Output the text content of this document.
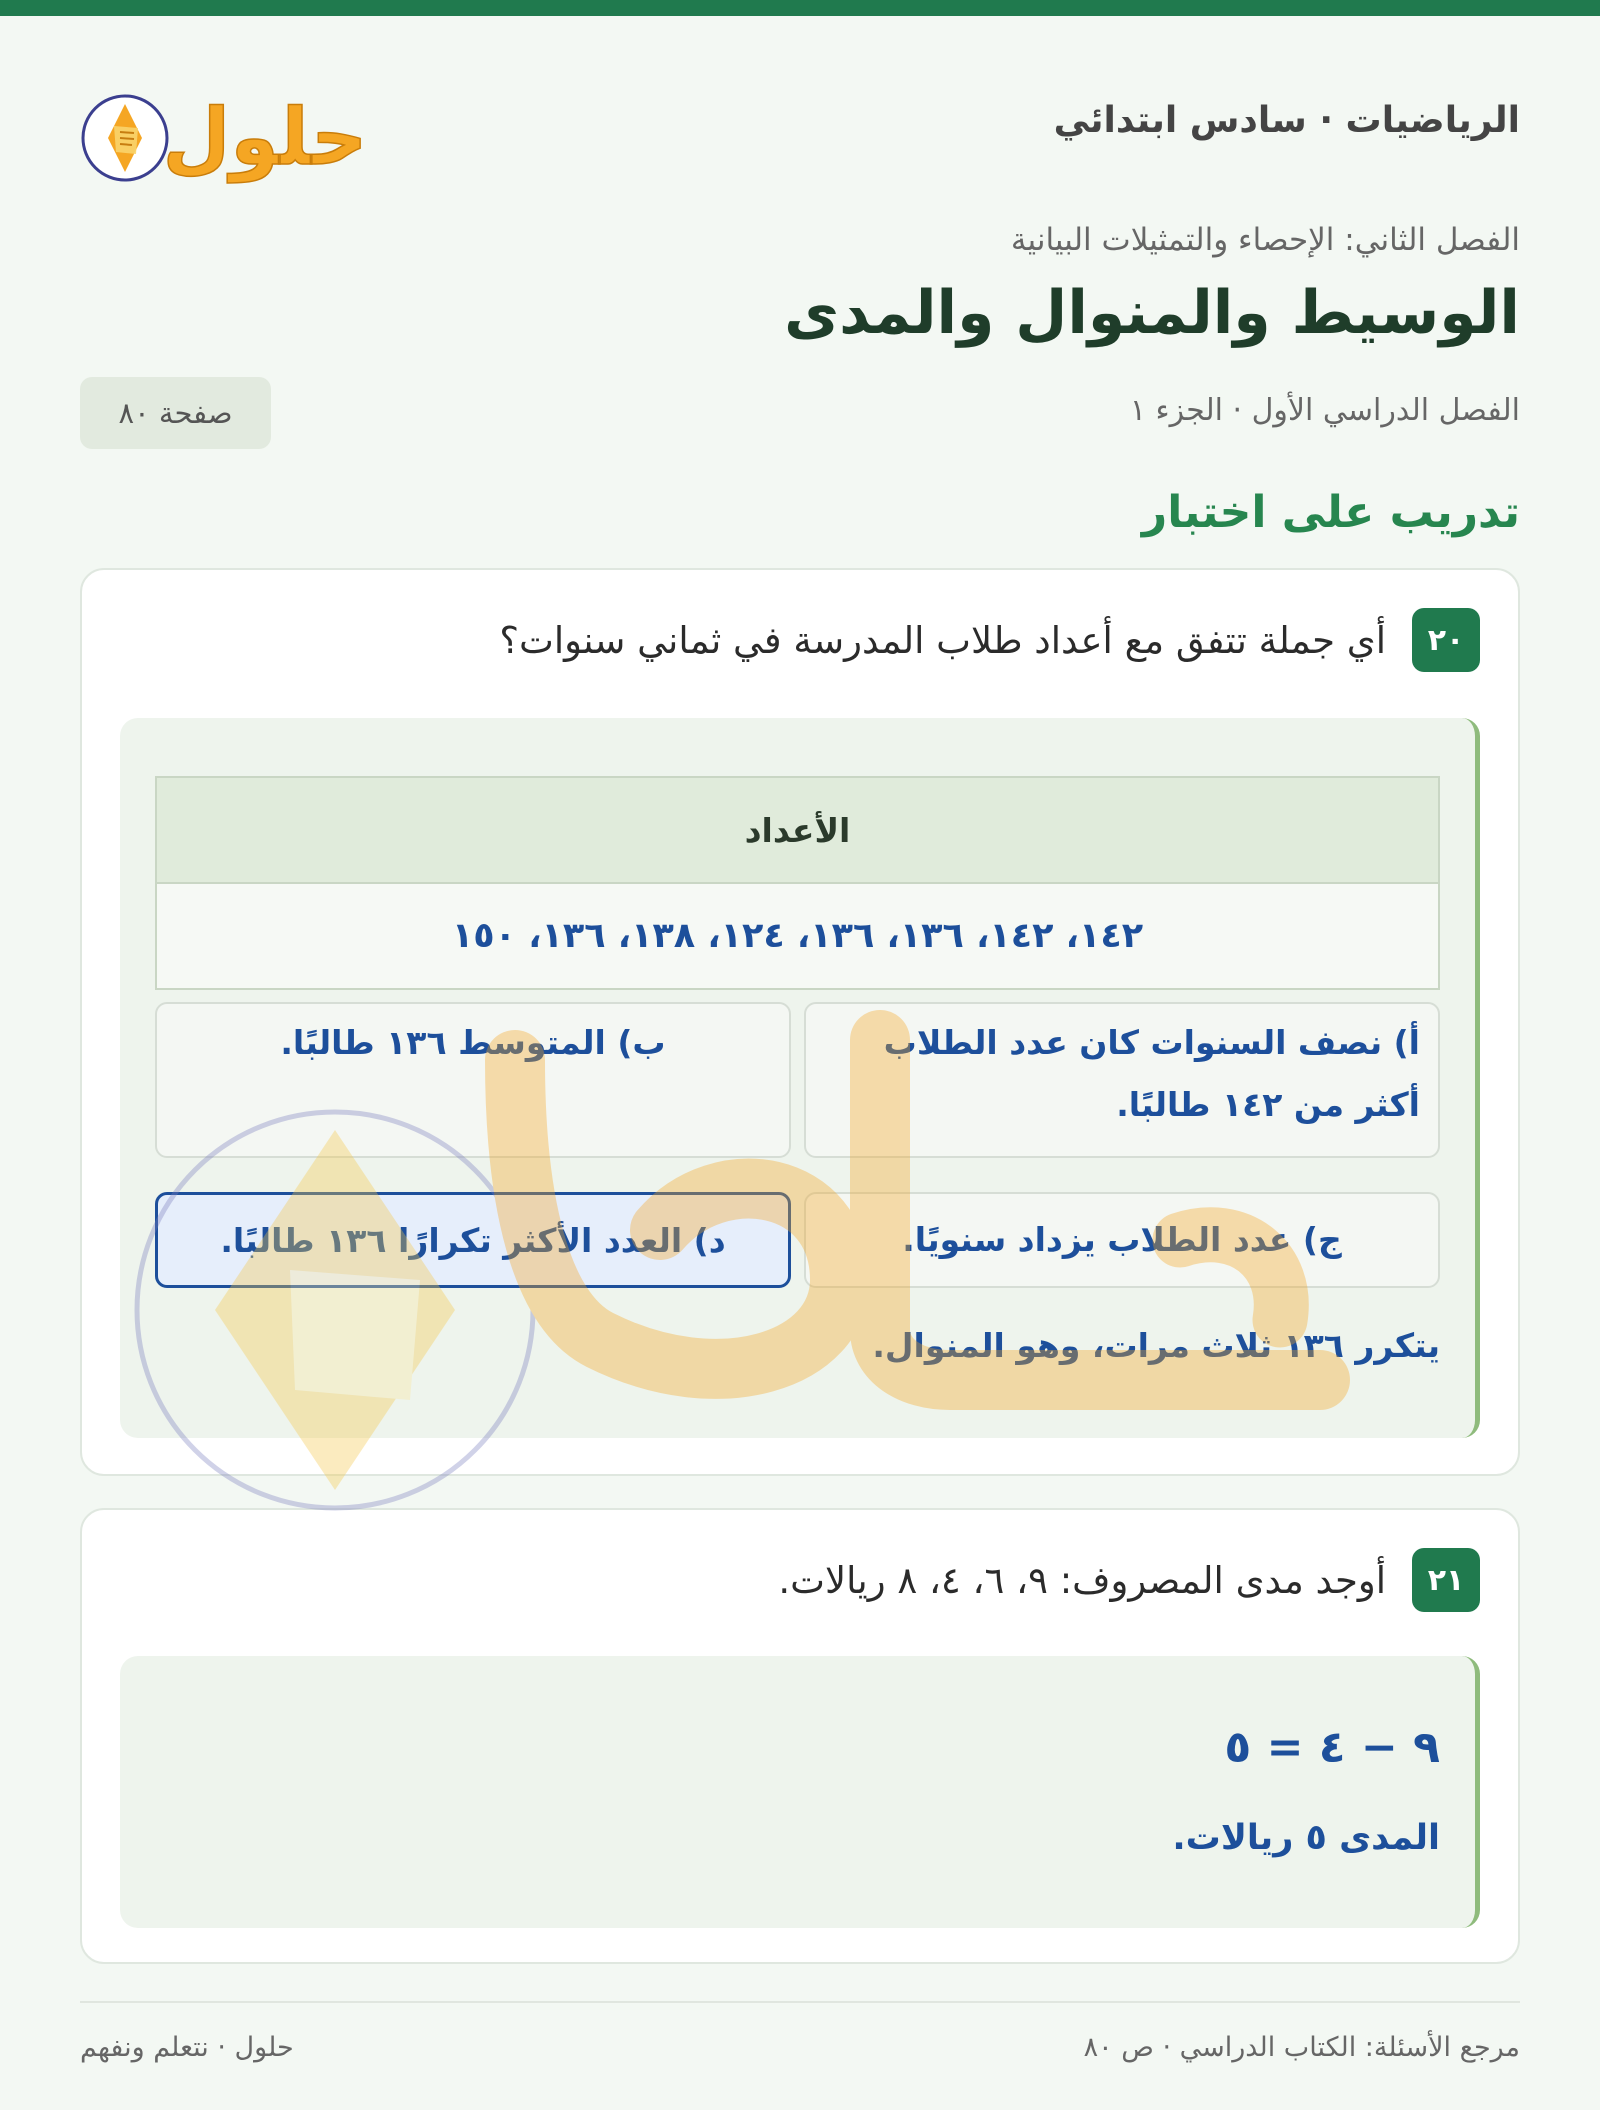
الرياضيات · سادس ابتدائي
حلول
الفصل الثاني: الإحصاء والتمثيلات البيانية
الوسيط والمنوال والمدى
الفصل الدراسي الأول · الجزء ١
صفحة ٨٠
تدريب على اختبار
٢٠
أي جملة تتفق مع أعداد طلاب المدرسة في ثماني سنوات؟
الأعداد
١٤٢، ١٤٢، ١٣٦، ١٣٦، ١٢٤، ١٣٨، ١٣٦، ١٥٠
أ) نصف السنوات كان عدد الطلاب أكثر من ١٤٢ طالبًا.
ب) المتوسط ١٣٦ طالبًا.
ج) عدد الطلاب يزداد سنويًا.
د) العدد الأكثر تكرارًا ١٣٦ طالبًا.
يتكرر ١٣٦ ثلاث مرات، وهو المنوال.
٢١
أوجد مدى المصروف: ٩، ٦، ٤، ٨ ريالات.
٩ − ٤ = ٥
المدى ٥ ريالات.
مرجع الأسئلة: الكتاب الدراسي · ص ٨٠
حلول · نتعلم ونفهم
